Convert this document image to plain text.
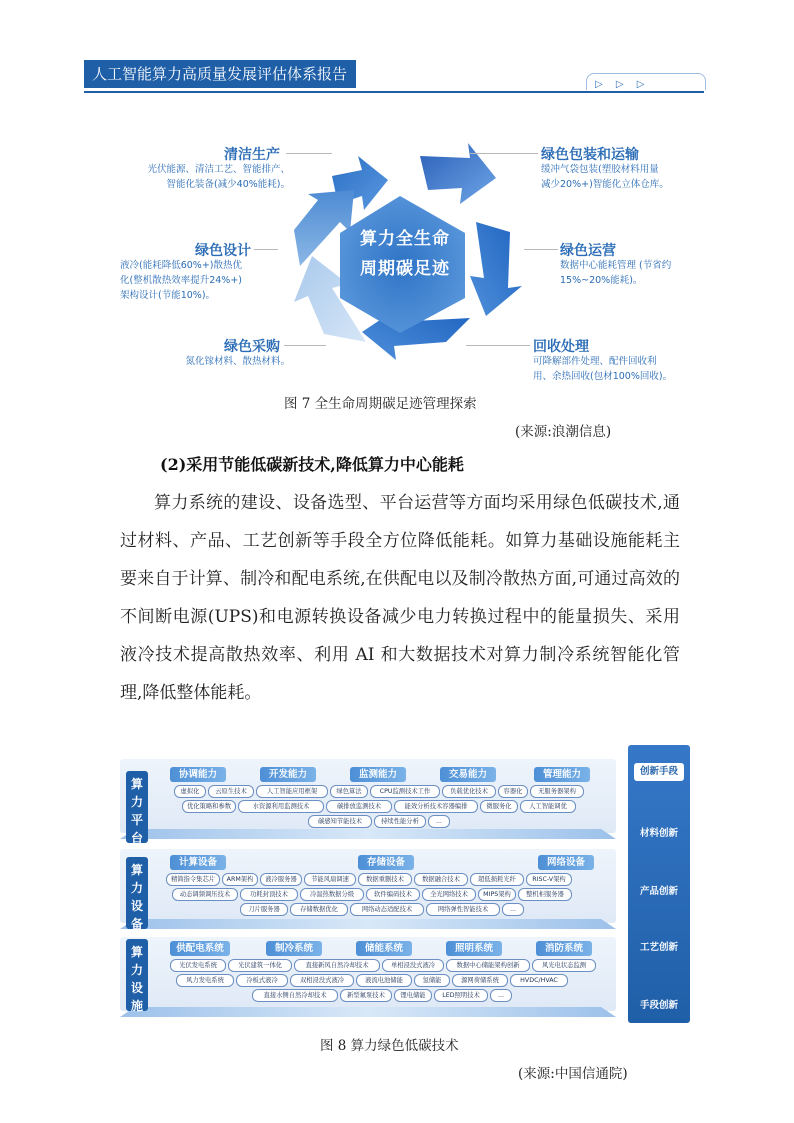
人工智能算力高质量发展评估体系报告
▷ ▷ ▷
算力全生命
周期碳足迹
清洁生产
光伏能源、清洁工艺、智能排产、
智能化装备(减少40%能耗)。
绿色包装和运输
缓冲气袋包装(塑胶材料用量
减少20%+)智能化立体仓库。
绿色设计
液冷(能耗降低60%+)散热优
化(整机散热效率提升24%+)
架构设计(节能10%)。
绿色运营
数据中心能耗管理 (节省约
15%~20%能耗)。
绿色采购
氮化镓材料、散热材料。
回收处理
可降解部件处理、配件回收利
用、余热回收(包材100%回收)。
图 7 全生命周期碳足迹管理探索
(来源:浪潮信息)
(2)采用节能低碳新技术,降低算力中心能耗
算力系统的建设、设备选型、平台运营等方面均采用绿色低碳技术,通过材料、产品、工艺创新等手段全方位降低能耗。如算力基础设施能耗主要来自于计算、制冷和配电系统,在供配电以及制冷散热方面,可通过高效的不间断电源(UPS)和电源转换设备减少电力转换过程中的能量损失、采用液冷技术提高散热效率、利用 AI 和大数据技术对算力制冷系统智能化管理,降低整体能耗。
算力平台
协调能力	开发能力	监测能力	交易能力	管理能力
虚拟化	云原生技术	人工智能应用框架	绿色算法	CPU监测技术工作	负载优化技术	容器化	无服务器架构
优化策略和参数	水资源利用监测技术	碳排放监测技术	能效分析技术容器编排	微服务化	人工智能调优
碳感知节能技术	持续性能分析	...
算力设备
计算设备	存储设备	网络设备
精简指令集芯片	ARM架构	液冷服务器	节能风扇调速	数据重删技术	数据融合技术	超低损耗光纤	RISC-V架构
动态调频调压技术	功耗封顶技术	冷温热数据分级	软件编码技术	全光网络技术	MIPS架构	整机柜服务器
刀片服务器	存储数据优化	网络动态适配技术	网络弹性智能技术	...
算力设施
供配电系统	制冷系统	储能系统	照明系统	消防系统
光伏发电系统	光伏建筑一体化	直接新风自然冷却技术	单相浸没式液冷	数据中心储能架构创新	风光电状态监测
风力发电系统	冷板式液冷	双相浸没式液冷	液流电池储能	氢储能	源网荷储系统	HVDC/HVAC
直接水侧自然冷却技术	新型氟泵技术	锂电储能	LED照明技术	...
创新手段
材料创新
产品创新
工艺创新
手段创新
图 8 算力绿色低碳技术
(来源:中国信通院)
